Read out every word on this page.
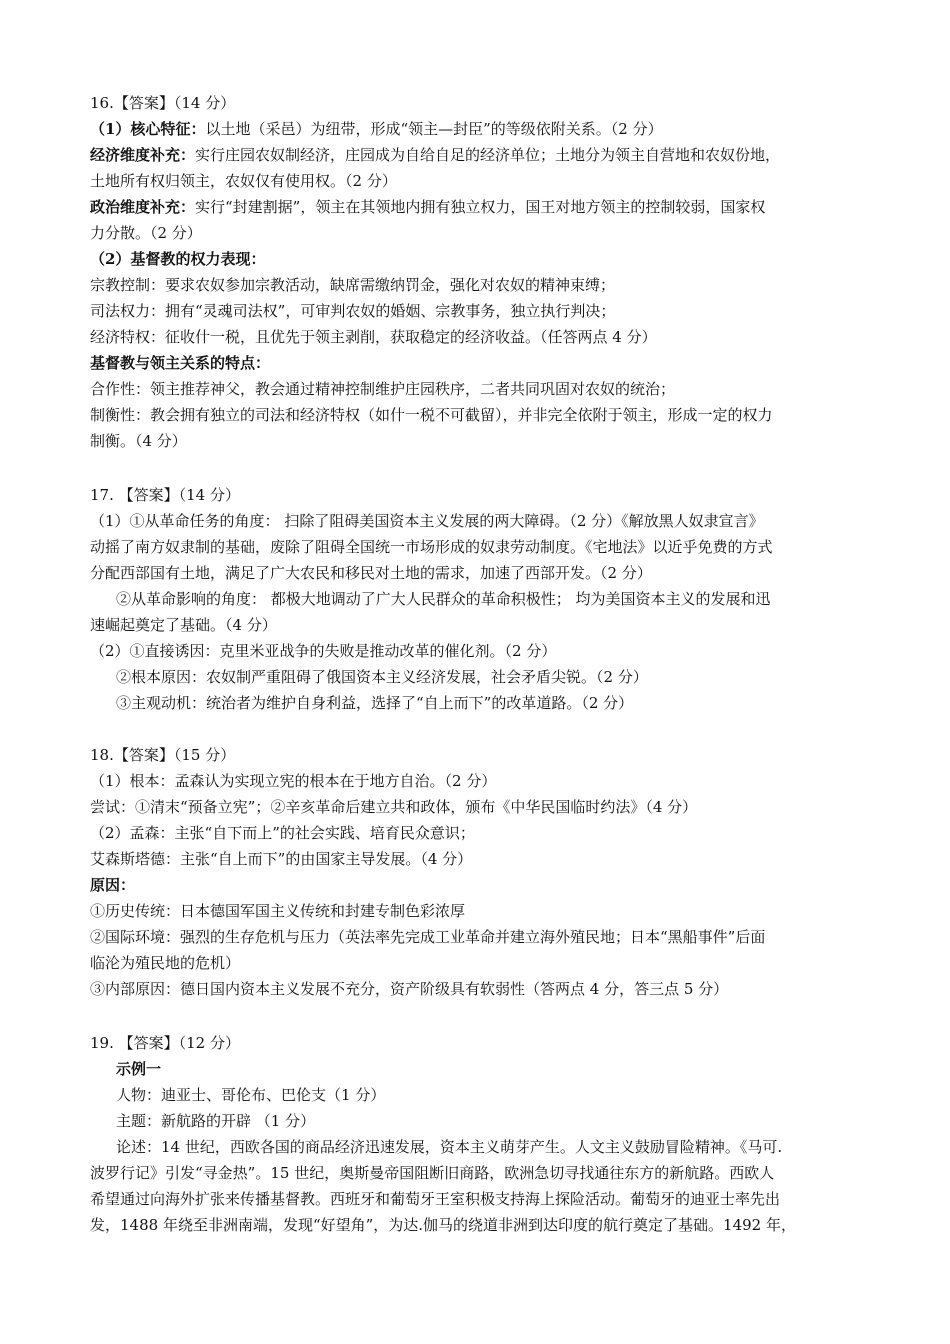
16.【答案】（14 分）
（1）核心特征：以土地（采邑）为纽带，形成“领主—封臣”的等级依附关系。（2 分）
经济维度补充：实行庄园农奴制经济，庄园成为自给自足的经济单位；土地分为领主自营地和农奴份地，
土地所有权归领主，农奴仅有使用权。（2 分）
政治维度补充：实行“封建割据”，领主在其领地内拥有独立权力，国王对地方领主的控制较弱，国家权
力分散。（2 分）
（2）基督教的权力表现：
宗教控制：要求农奴参加宗教活动，缺席需缴纳罚金，强化对农奴的精神束缚；
司法权力：拥有“灵魂司法权”，可审判农奴的婚姻、宗教事务，独立执行判决；
经济特权：征收什一税，且优先于领主剥削，获取稳定的经济收益。（任答两点 4 分）
基督教与领主关系的特点：
合作性：领主推荐神父，教会通过精神控制维护庄园秩序，二者共同巩固对农奴的统治；
制衡性：教会拥有独立的司法和经济特权（如什一税不可截留），并非完全依附于领主，形成一定的权力
制衡。（4 分）
17. 【答案】（14 分）
（1）①从革命任务的角度： 扫除了阻碍美国资本主义发展的两大障碍。（2 分）《解放黑人奴隶宣言》
动摇了南方奴隶制的基础，废除了阻碍全国统一市场形成的奴隶劳动制度。《宅地法》以近乎免费的方式
分配西部国有土地，满足了广大农民和移民对土地的需求，加速了西部开发。（2 分）
②从革命影响的角度： 都极大地调动了广大人民群众的革命积极性； 均为美国资本主义的发展和迅
速崛起奠定了基础。（4 分）
（2）①直接诱因：克里米亚战争的失败是推动改革的催化剂。（2 分）
②根本原因：农奴制严重阻碍了俄国资本主义经济发展，社会矛盾尖锐。（2 分）
③主观动机：统治者为维护自身利益，选择了“自上而下”的改革道路。（2 分）
18.【答案】（15 分）
（1）根本：孟森认为实现立宪的根本在于地方自治。（2 分）
尝试：①清末“预备立宪”；②辛亥革命后建立共和政体，颁布《中华民国临时约法》（4 分）
（2）孟森：主张“自下而上”的社会实践、培育民众意识；
艾森斯塔德：主张“自上而下”的由国家主导发展。（4 分）
原因：
①历史传统：日本德国军国主义传统和封建专制色彩浓厚
②国际环境：强烈的生存危机与压力（英法率先完成工业革命并建立海外殖民地；日本“黑船事件”后面
临沦为殖民地的危机）
③内部原因：德日国内资本主义发展不充分，资产阶级具有软弱性（答两点 4 分，答三点 5 分）
19. 【答案】（12 分）
示例一
人物：迪亚士、哥伦布、巴伦支（1 分）
主题：新航路的开辟 （1 分）
论述：14 世纪，西欧各国的商品经济迅速发展，资本主义萌芽产生。人文主义鼓励冒险精神。《马可.
波罗行记》引发“寻金热”。15 世纪，奥斯曼帝国阻断旧商路，欧洲急切寻找通往东方的新航路。西欧人
希望通过向海外扩张来传播基督教。西班牙和葡萄牙王室积极支持海上探险活动。葡萄牙的迪亚士率先出
发，1488 年绕至非洲南端，发现“好望角”，为达.伽马的绕道非洲到达印度的航行奠定了基础。1492 年，
